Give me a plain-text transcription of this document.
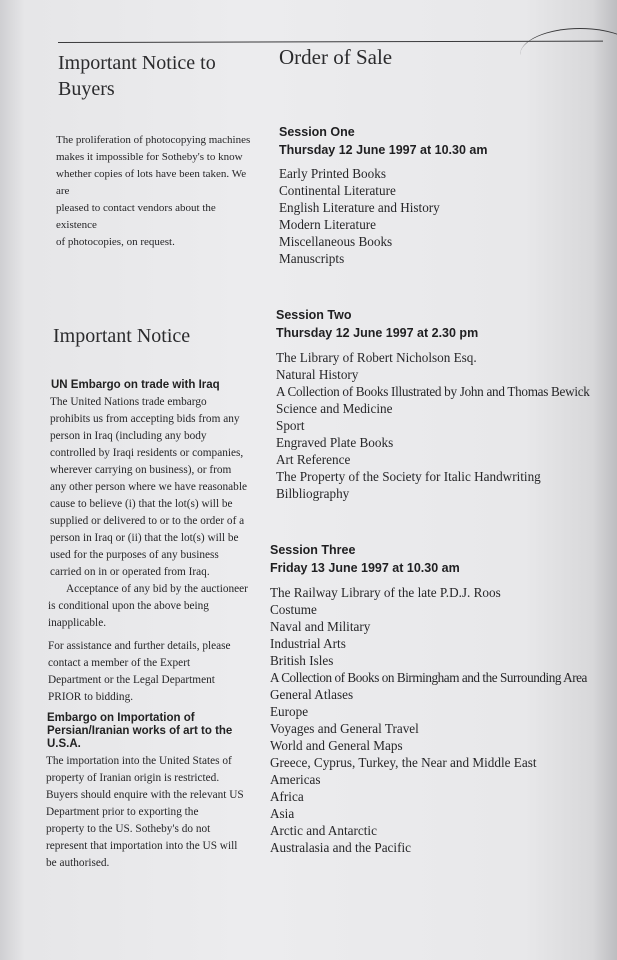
Important Notice to
Buyers
The proliferation of photocopying machines
makes it impossible for Sotheby's to know
whether copies of lots have been taken. We are
pleased to contact vendors about the existence
of photocopies, on request.
Important Notice
UN Embargo on trade with Iraq
The United Nations trade embargo
prohibits us from accepting bids from any
person in Iraq (including any body
controlled by Iraqi residents or companies,
wherever carrying on business), or from
any other person where we have reasonable
cause to believe (i) that the lot(s) will be
supplied or delivered to or to the order of a
person in Iraq or (ii) that the lot(s) will be
used for the purposes of any business
carried on in or operated from Iraq.
Acceptance of any bid by the auctioneer
is conditional upon the above being
inapplicable.
For assistance and further details, please
contact a member of the Expert
Department or the Legal Department
PRIOR to bidding.
Embargo on Importation of
Persian/Iranian works of art to the
U.S.A.
The importation into the United States of
property of Iranian origin is restricted.
Buyers should enquire with the relevant US
Department prior to exporting the
property to the US. Sotheby's do not
represent that importation into the US will
be authorised.
Order of Sale
Session One
Thursday 12 June 1997 at 10.30 am
Early Printed Books
Continental Literature
English Literature and History
Modern Literature
Miscellaneous Books
Manuscripts
Session Two
Thursday 12 June 1997 at 2.30 pm
The Library of Robert Nicholson Esq.
Natural History
A Collection of Books Illustrated by John and Thomas Bewick
Science and Medicine
Sport
Engraved Plate Books
Art Reference
The Property of the Society for Italic Handwriting
Bilbliography
Session Three
Friday 13 June 1997 at 10.30 am
The Railway Library of the late P.D.J. Roos
Costume
Naval and Military
Industrial Arts
British Isles
A Collection of Books on Birmingham and the Surrounding Area
General Atlases
Europe
Voyages and General Travel
World and General Maps
Greece, Cyprus, Turkey, the Near and Middle East
Americas
Africa
Asia
Arctic and Antarctic
Australasia and the Pacific
